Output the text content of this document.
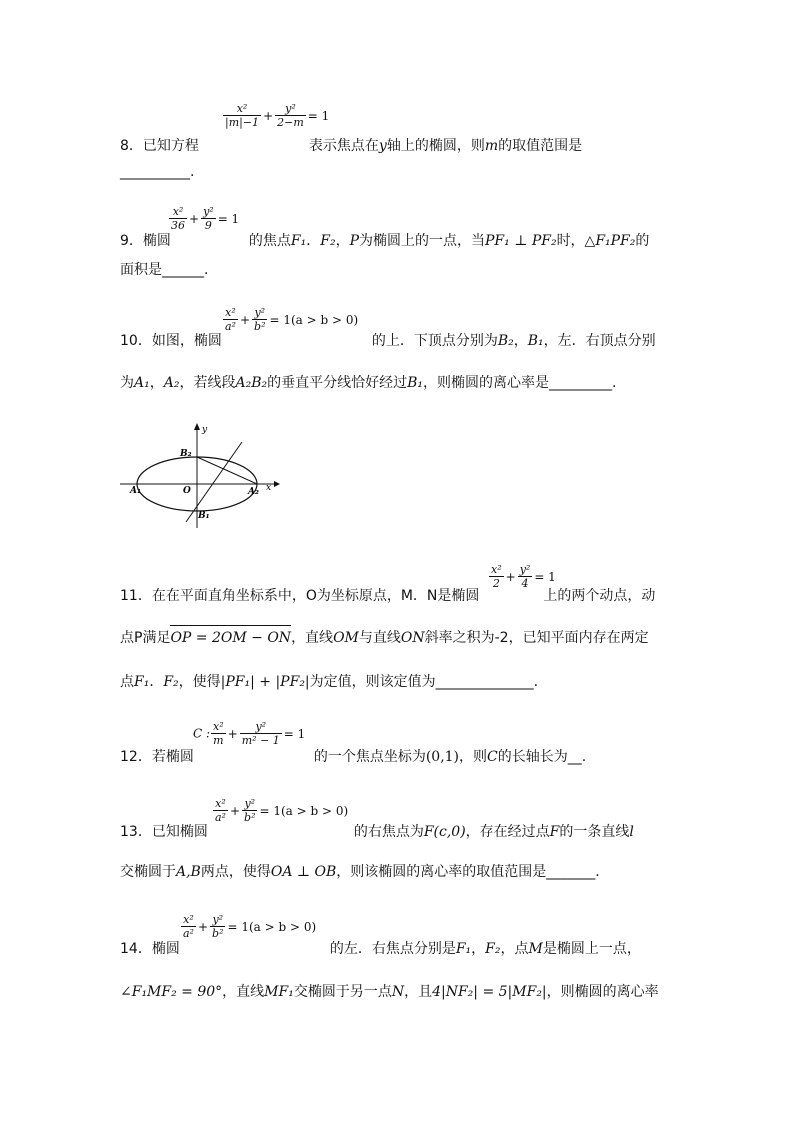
$\frac{\text{x²}}{|m|-1} + \frac{\text{y²}}{2-m} = 1$
8．已知方程	表示焦点在y轴上的椭圆，则m的取值范围是
__________.
$\frac{\text{x²}}{36} + \frac{\text{y²}}{9} = 1$
9．椭圆	的焦点F₁．F₂，P为椭圆上的一点，当PF₁ ⊥ PF₂时，△F₁PF₂的
面积是______.
$\frac{\text{x²}}{\text{a²}} + \frac{\text{y²}}{\text{b²}} = 1(a > b > 0)$
10．如图，椭圆	的上．下顶点分别为B₂，B₁，左．右顶点分别
为A₁，A₂，若线段A₂B₂的垂直平分线恰好经过B₁，则椭圆的离心率是_________.
y
x
O
B₂
B₁
A₁	A₂
$\frac{\text{x²}}{2} + \frac{\text{y²}}{4} = 1$
11．在在平面直角坐标系中，O为坐标原点，M．N是椭圆	上的两个动点，动
点P满足OP = 2OM − ON，直线OM与直线ON斜率之积为-2，已知平面内存在两定
点F₁．F₂，使得|PF₁| + |PF₂|为定值，则该定值为______________.
C : $\frac{\text{x²}}{m} + \frac{\text{y²}}{\text{m² − 1}} = 1$
12．若椭圆	的一个焦点坐标为(0,1)，则C的长轴长为__.
$\frac{\text{x²}}{\text{a²}} + \frac{\text{y²}}{\text{b²}} = 1(a > b > 0)$
13．已知椭圆	的右焦点为F(c,0)，存在经过点F的一条直线l
交椭圆于A,B两点，使得OA ⊥ OB，则该椭圆的离心率的取值范围是_______.
$\frac{\text{x²}}{\text{a²}} + \frac{\text{y²}}{\text{b²}} = 1(a > b > 0)$
14．椭圆	的左．右焦点分别是F₁，F₂，点M是椭圆上一点，
∠F₁MF₂ = 90°，直线MF₁交椭圆于另一点N，且4|NF₂| = 5|MF₂|，则椭圆的离心率
